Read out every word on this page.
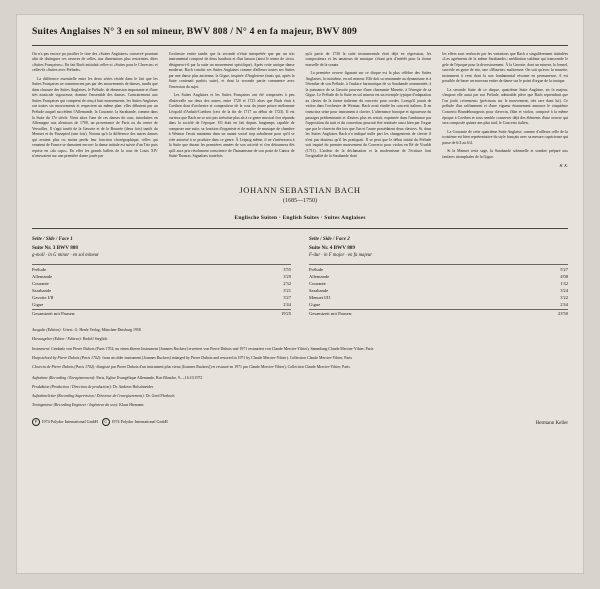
Suites Anglaises N° 3 en sol mineur, BWV 808 / N° 4 en fa majeur, BWV 809

On n'a pas encore pu justifier le titre des «Suites Anglaises» conservé pourtant afin de distinguer ces oeuvres de celles, aux dimensions plus restreintes, dites «Suites Françaises». En fait Bach intitulait celles-ci «Suites pour le Clavecin» et celles-là «Suites avec Prélude».

La différence essentielle entre les deux séries réside dans le fait que les Suites Françaises ne commencent pas par des mouvements de danses, tandis que dans chacune des Suites Anglaises, le Prélude, de dimension importante et d'une très musicale vigoureuse, domine l'ensemble des danses. Contrairement aux Suites Françaises qui comptent de cinq à huit mouvements, les Suites Anglaises ont toutes six mouvements et respectent un même plan: elles débutent par un Prélude auquel succèdent l'Allemande, la Courante, la Sarabande, comme dans la Suite du 17e siècle. Vient alors l'une de ces danses de cour, introduites en Allemagne aux alentours de 1700, un provenance de Paris ou du centre de Versailles. Il s'agit tantôt de la Gavotte et de la Bourrée (deux fois) tantôt du Menuet et du Passepied (une fois). Notons qu'à la différence des autres danses qui avaient plus ou moins perdu leur fonction chorégraphique, celles qui venaient de France se dansaient encore: la danse initiale est suivie d'un Trio puis reprise en «da capo». En effet les grands ballets de la cour de Louis XIV n'oeuvraient sur une première danse jouée par

l'orchestre entier tandis que la seconde n'était interprétée que par un trio instrumental composé de deux hautbois et d'un basson (ainsi le terme de «trio» désignera-t-il par la suite un mouvement spécifique). Après cette antique danse moderne, Bach conclut ses Suites Anglaises comme d'ailleurs toutes ses Suites par une danse plus ancienne, la Gigue, inspirée d'Angleterre (mais qui, après la Suite contenait parfois suite), et dont la seconde partie commence avec l'inversion du sujet.

Les Suites Anglaises et les Suites Françaises ont été composées à peu d'intervalle sur deux des autres, entre 1720 et 1723 alors que Bach était à Coethen dont d'orchestre et compositeur de la cour du jeune prince mélomane Léopold d'Anhalt-Coethen (ceci de la fin de 1717 au début de 1723). Il est curieux que Bach ne se soit pas irrésolue plus ah à ce genre musical fort répandu dans la société de l'époque: S'il était en fait depuis longtemps capable de composer une suite, sa fonction d'organiste et de maître de musique de chambre à Weimar l'avait maintenu dans un autant social trop subalterne pour qu'il se crée autorisé à se produire dans ce genre. À Leipzig même, il ne s'intéressera à la Suite que durant les premières années de son activité et s'en détournera dès qu'il aura pris résolument conscience de l'humanisme de son poste de Cantor de Saint-Thomas. Signalons toutefois

qu'à partir de 1730 la suite instrumentale était déjà en régression, les compositeurs et les amateurs de musique s'étant pris d'intérêt pour la forme nouvelle de la sonate.

La première oeuvre figurant sur ce disque est la plus célèbre des Suites Anglaises, la troisième, en sol mineur. Elle doit sa renommée au dynamisme et à l'étendue de son Prélude, à l'audace harmonique de sa Sarabande ornementée, à la puissance de sa Gavotte pourvue d'une charmante Musette, à l'énergie de sa Gigue. Le Prélude de la Suite en sol mineur est un exemple typique d'adaptation au clavier de la forme italienne du concerto pour cordes. Lorsqu'il jouait de violon dans l'orchestre de Weimar, Bach avait étudié les concerti italiens. Il en transcrira seize pour instrument à clavier. L'alternance baroque et rigoureuse du passages prédominants et d'autres plus en retrait, exprimée dans l'ambiance par l'opposition du tutti et du concertino pourrait être restituée aussi bien par l'orgue que par le clavecin dès lors que l'un et l'autre possédaient deux claviers. Si, dans les Suites Anglaises Bach n'a indiqué nulle part les changements de clavier il n'est pas douteux qu'il les pratiquait. Il se peut que le début initial du Prélude soit inspiré du premier mouvement du Concerto pour violon en Ré de Vivaldi (1711). L'ardeur de la déclamation et la modernisme de l'écriture font l'originalité de la Sarabande dont

les effets sont renforcés par les variations que Bach a singulièrement intitulées «Les agréments de la même Sarabande»: méditation sublime qui transcende le gele de l'époque pour la diversissement. À la Gavotte, dont un mineur, la formel, succède en guise de trio, une «Musette» malicieuse. On sait qu'avec la musette, instrument à vent dont la son fondamental résonne en permanence, il est possible de baser un morceau entier de danse sur le point d'orgue de la tonique.

La seconde Suite de ce disque, quatrième Suite Anglaise, en fa majeur, s'impose elle aussi par son Prélude, admirable pièce que Bach reprendrait que l'on jouât «vivement» (précisons sur le mouvement, très rare dans lui). Ce prélude d'un raffinement et d'une vigueur étonnement annonce le cinquième Concerto Brandebourgeois pour clavecin, flûte et violon, composé à la même époque à Coethen et sous semble conserver déjà des éléments d'une oeuvre qui sera composée quinze ans plus tard, le Concerto italien.

La Courante de cette quatrième Suite Anglaise, comme d'ailleurs celle de la troisième est bien représentative du style français avec sa mesure capricieuse qui passe de 6/4 au 6/4.

Si la Menuet reste sage, la Sarabande solennelle et sombre préparé aux fanfares triomphales de la Gigue.

H. K.
JOHANN SEBASTIAN BACH
(1685—1750)
Englische Suiten · English Suites · Suites Anglaises
Seite / Side / Face 1
Suite Nr. 3 BWV 808
g-moll · in G minor · en sol mineur
Prélude	3'55
Allemande	3'29
Courante	2'32
Sarabande	3'21
Gavotte I/II	3'27
Gigue	2'44
Gesamtzeit mit Pausen:	19'25
Seite / Side / Face 2
Suite Nr. 4 BWV 809
F-dur · in F major · en fa majeur
Prélude	5'27
Allemande	4'08
Courante	1'42
Sarabande	3'24
Menuet I/II	3'22
Gigue	2'44
Gesamtzeit mit Pausen:	23'50

Ausgabe (Edition): Urtext. G. Henle Verlag, München-Duisburg 1958

Herausgeber (Editor / Editeur): Rudolf Steglich

Instrument: Cembalo von Pierre Dubois (Paris 1702; nu einen älteren Instrument [Joannes Ruckers] erweitert von Pierre Dubois und 1971 restauriert von Claude Mercier-Ythier), Sammlung Claude Mercier-Ythier, Paris

Harpsichord by Pierre Dubois (Paris 1702): from an older instrument [Joannes Ruckers] enlarged by Pierre Dubois and restored in 1971 by Claude Mercier-Ythier). Collection Claude Mercier-Ythier, Paris

Clavecin de Pierre Dubois (Paris 1702): élargissé par Pierre Dubois d'un instrument plus vieux [Joannes Ruckers]) et restauré en 1971 par Claude Mercier-Ythier). Collection Claude Mercier-Ythier, Paris

Aufnahme (Recording / Enregistrement): Paris, Eglise Evangélique Allemande, Rue Blanche, 9.—16.10.1972

Produktion (Production / Direction de production): Dr. Andreas Holschneider

Aufnahmeleiter (Recording Supervision / Directeur de l'enregistrement): Dr. Gerd Ploebsch

Toningenieur (Recording Engineer / Ingénieur du son): Klaus Hiemann

P 1974 Polydor International GmbH C 1974 Polydor International GmbH	Hermann Keller
